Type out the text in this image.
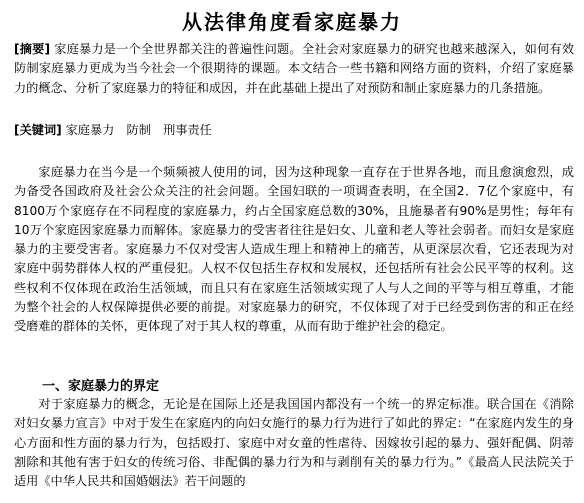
从法律角度看家庭暴力
[摘要] 家庭暴力是一个全世界都关注的普遍性问题。全社会对家庭暴力的研究也越来越深入，如何有效防制家庭暴力更成为当今社会一个很期待的课题。本文结合一些书籍和网络方面的资料，介绍了家庭暴力的概念、分析了家庭暴力的特征和成因，并在此基础上提出了对预防和制止家庭暴力的几条措施。
[关键词] 家庭暴力　防制　刑事责任
家庭暴力在当今是一个频频被人使用的词，因为这种现象一直存在于世界各地，而且愈演愈烈，成为备受各国政府及社会公众关注的社会问题。全国妇联的一项调查表明，在全国2．7亿个家庭中，有8100万个家庭存在不同程度的家庭暴力，约占全国家庭总数的30%，且施暴者有90%是男性；每年有10万个家庭因家庭暴力而解体。家庭暴力的受害者往往是妇女、儿童和老人等社会弱者。而妇女是家庭暴力的主要受害者。家庭暴力不仅对受害人造成生理上和精神上的痛苦，从更深层次看，它还表现为对家庭中弱势群体人权的严重侵犯。人权不仅包括生存权和发展权，还包括所有社会公民平等的权利。这些权利不仅体现在政治生活领域，而且只有在家庭生活领域实现了人与人之间的平等与相互尊重，才能为整个社会的人权保障提供必要的前提。对家庭暴力的研究，不仅体现了对于已经受到伤害的和正在经受磨难的群体的关怀，更体现了对于其人权的尊重，从而有助于维护社会的稳定。
一、家庭暴力的界定
对于家庭暴力的概念，无论是在国际上还是我国国内都没有一个统一的界定标准。联合国在《消除对妇女暴力宣言》中对于发生在家庭内的向妇女施行的暴力行为进行了如此的界定：“在家庭内发生的身心方面和性方面的暴力行为，包括殴打、家庭中对女童的性虐待、因嫁妆引起的暴力、强奸配偶、阴蒂割除和其他有害于妇女的传统习俗、非配偶的暴力行为和与剥削有关的暴力行为。”《最高人民法院关于适用《中华人民共和国婚姻法》若干问题的
